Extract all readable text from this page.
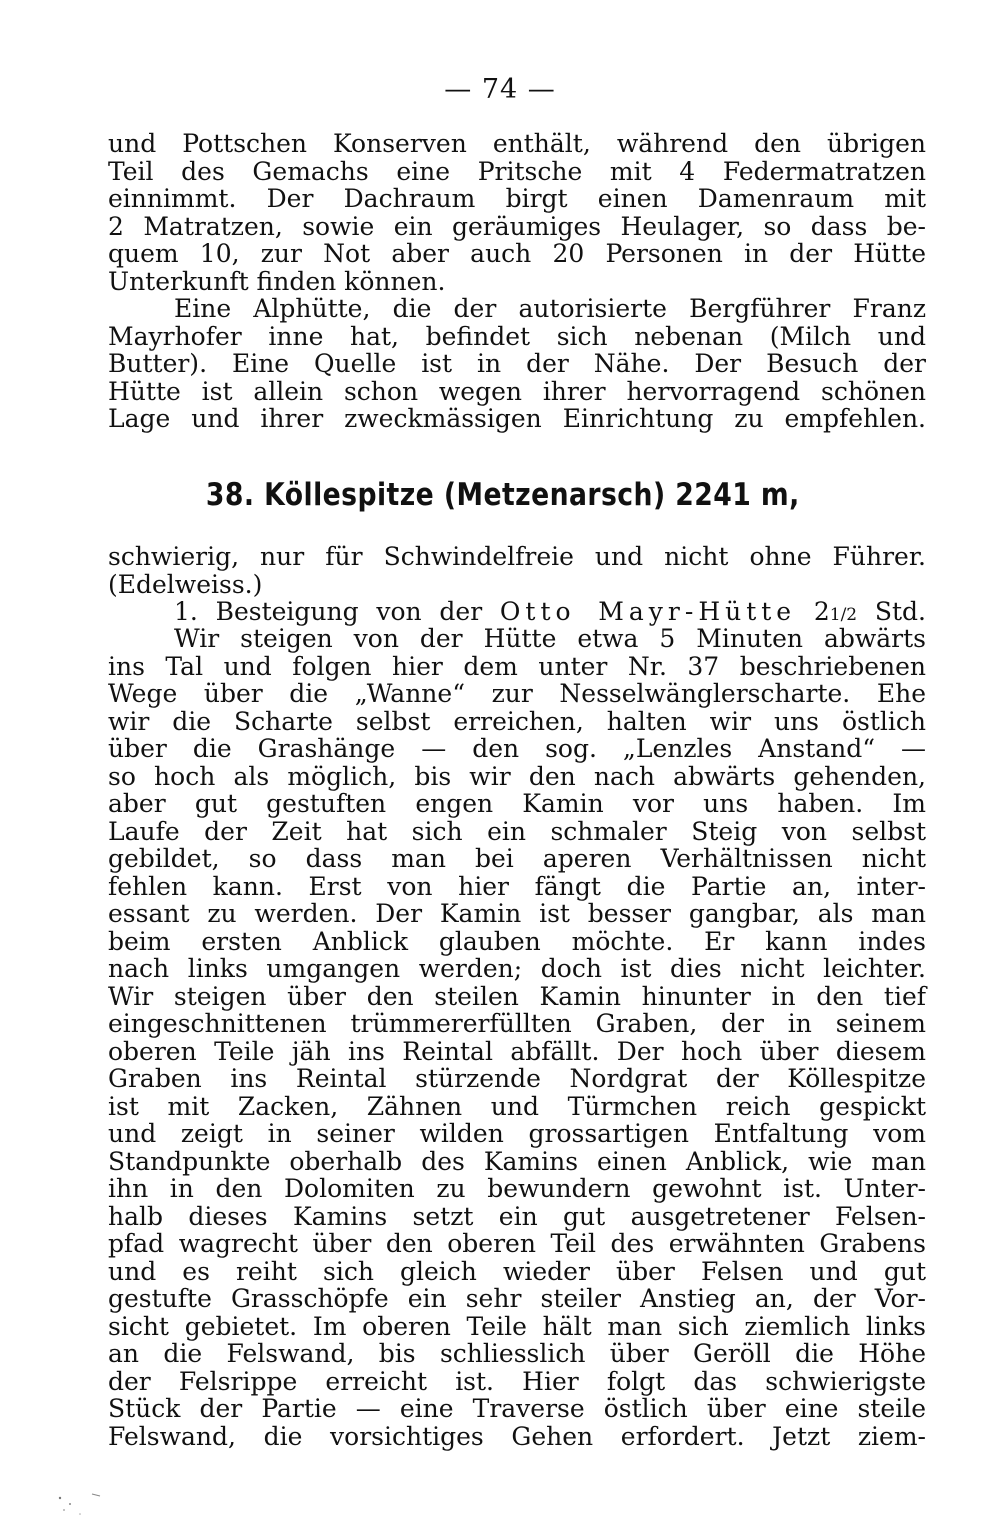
— 74 —
und Pottschen Konserven enthält, während den übrigen
Teil des Gemachs eine Pritsche mit 4 Federmatratzen
einnimmt. Der Dachraum birgt einen Damenraum mit
2 Matratzen, sowie ein geräumiges Heulager, so dass be-
quem 10, zur Not aber auch 20 Personen in der Hütte
Unterkunft finden können.
Eine Alphütte, die der autorisierte Bergführer Franz
Mayrhofer inne hat, befindet sich nebenan (Milch und
Butter). Eine Quelle ist in der Nähe. Der Besuch der
Hütte ist allein schon wegen ihrer hervorragend schönen
Lage und ihrer zweckmässigen Einrichtung zu empfehlen.
38. Köllespitze (Metzenarsch) 2241 m,
schwierig, nur für Schwindelfreie und nicht ohne Führer.
(Edelweiss.)
1. Besteigung von der Otto Mayr-Hütte 21/2 Std.
Wir steigen von der Hütte etwa 5 Minuten abwärts
ins Tal und folgen hier dem unter Nr. 37 beschriebenen
Wege über die „Wanne“ zur Nesselwänglerscharte. Ehe
wir die Scharte selbst erreichen, halten wir uns östlich
über die Grashänge — den sog. „Lenzles Anstand“ —
so hoch als möglich, bis wir den nach abwärts gehenden,
aber gut gestuften engen Kamin vor uns haben. Im
Laufe der Zeit hat sich ein schmaler Steig von selbst
gebildet, so dass man bei aperen Verhältnissen nicht
fehlen kann. Erst von hier fängt die Partie an, inter-
essant zu werden. Der Kamin ist besser gangbar, als man
beim ersten Anblick glauben möchte. Er kann indes
nach links umgangen werden; doch ist dies nicht leichter.
Wir steigen über den steilen Kamin hinunter in den tief
eingeschnittenen trümmererfüllten Graben, der in seinem
oberen Teile jäh ins Reintal abfällt. Der hoch über diesem
Graben ins Reintal stürzende Nordgrat der Köllespitze
ist mit Zacken, Zähnen und Türmchen reich gespickt
und zeigt in seiner wilden grossartigen Entfaltung vom
Standpunkte oberhalb des Kamins einen Anblick, wie man
ihn in den Dolomiten zu bewundern gewohnt ist. Unter-
halb dieses Kamins setzt ein gut ausgetretener Felsen-
pfad wagrecht über den oberen Teil des erwähnten Grabens
und es reiht sich gleich wieder über Felsen und gut
gestufte Grasschöpfe ein sehr steiler Anstieg an, der Vor-
sicht gebietet. Im oberen Teile hält man sich ziemlich links
an die Felswand, bis schliesslich über Geröll die Höhe
der Felsrippe erreicht ist. Hier folgt das schwierigste
Stück der Partie — eine Traverse östlich über eine steile
Felswand, die vorsichtiges Gehen erfordert. Jetzt ziem-
